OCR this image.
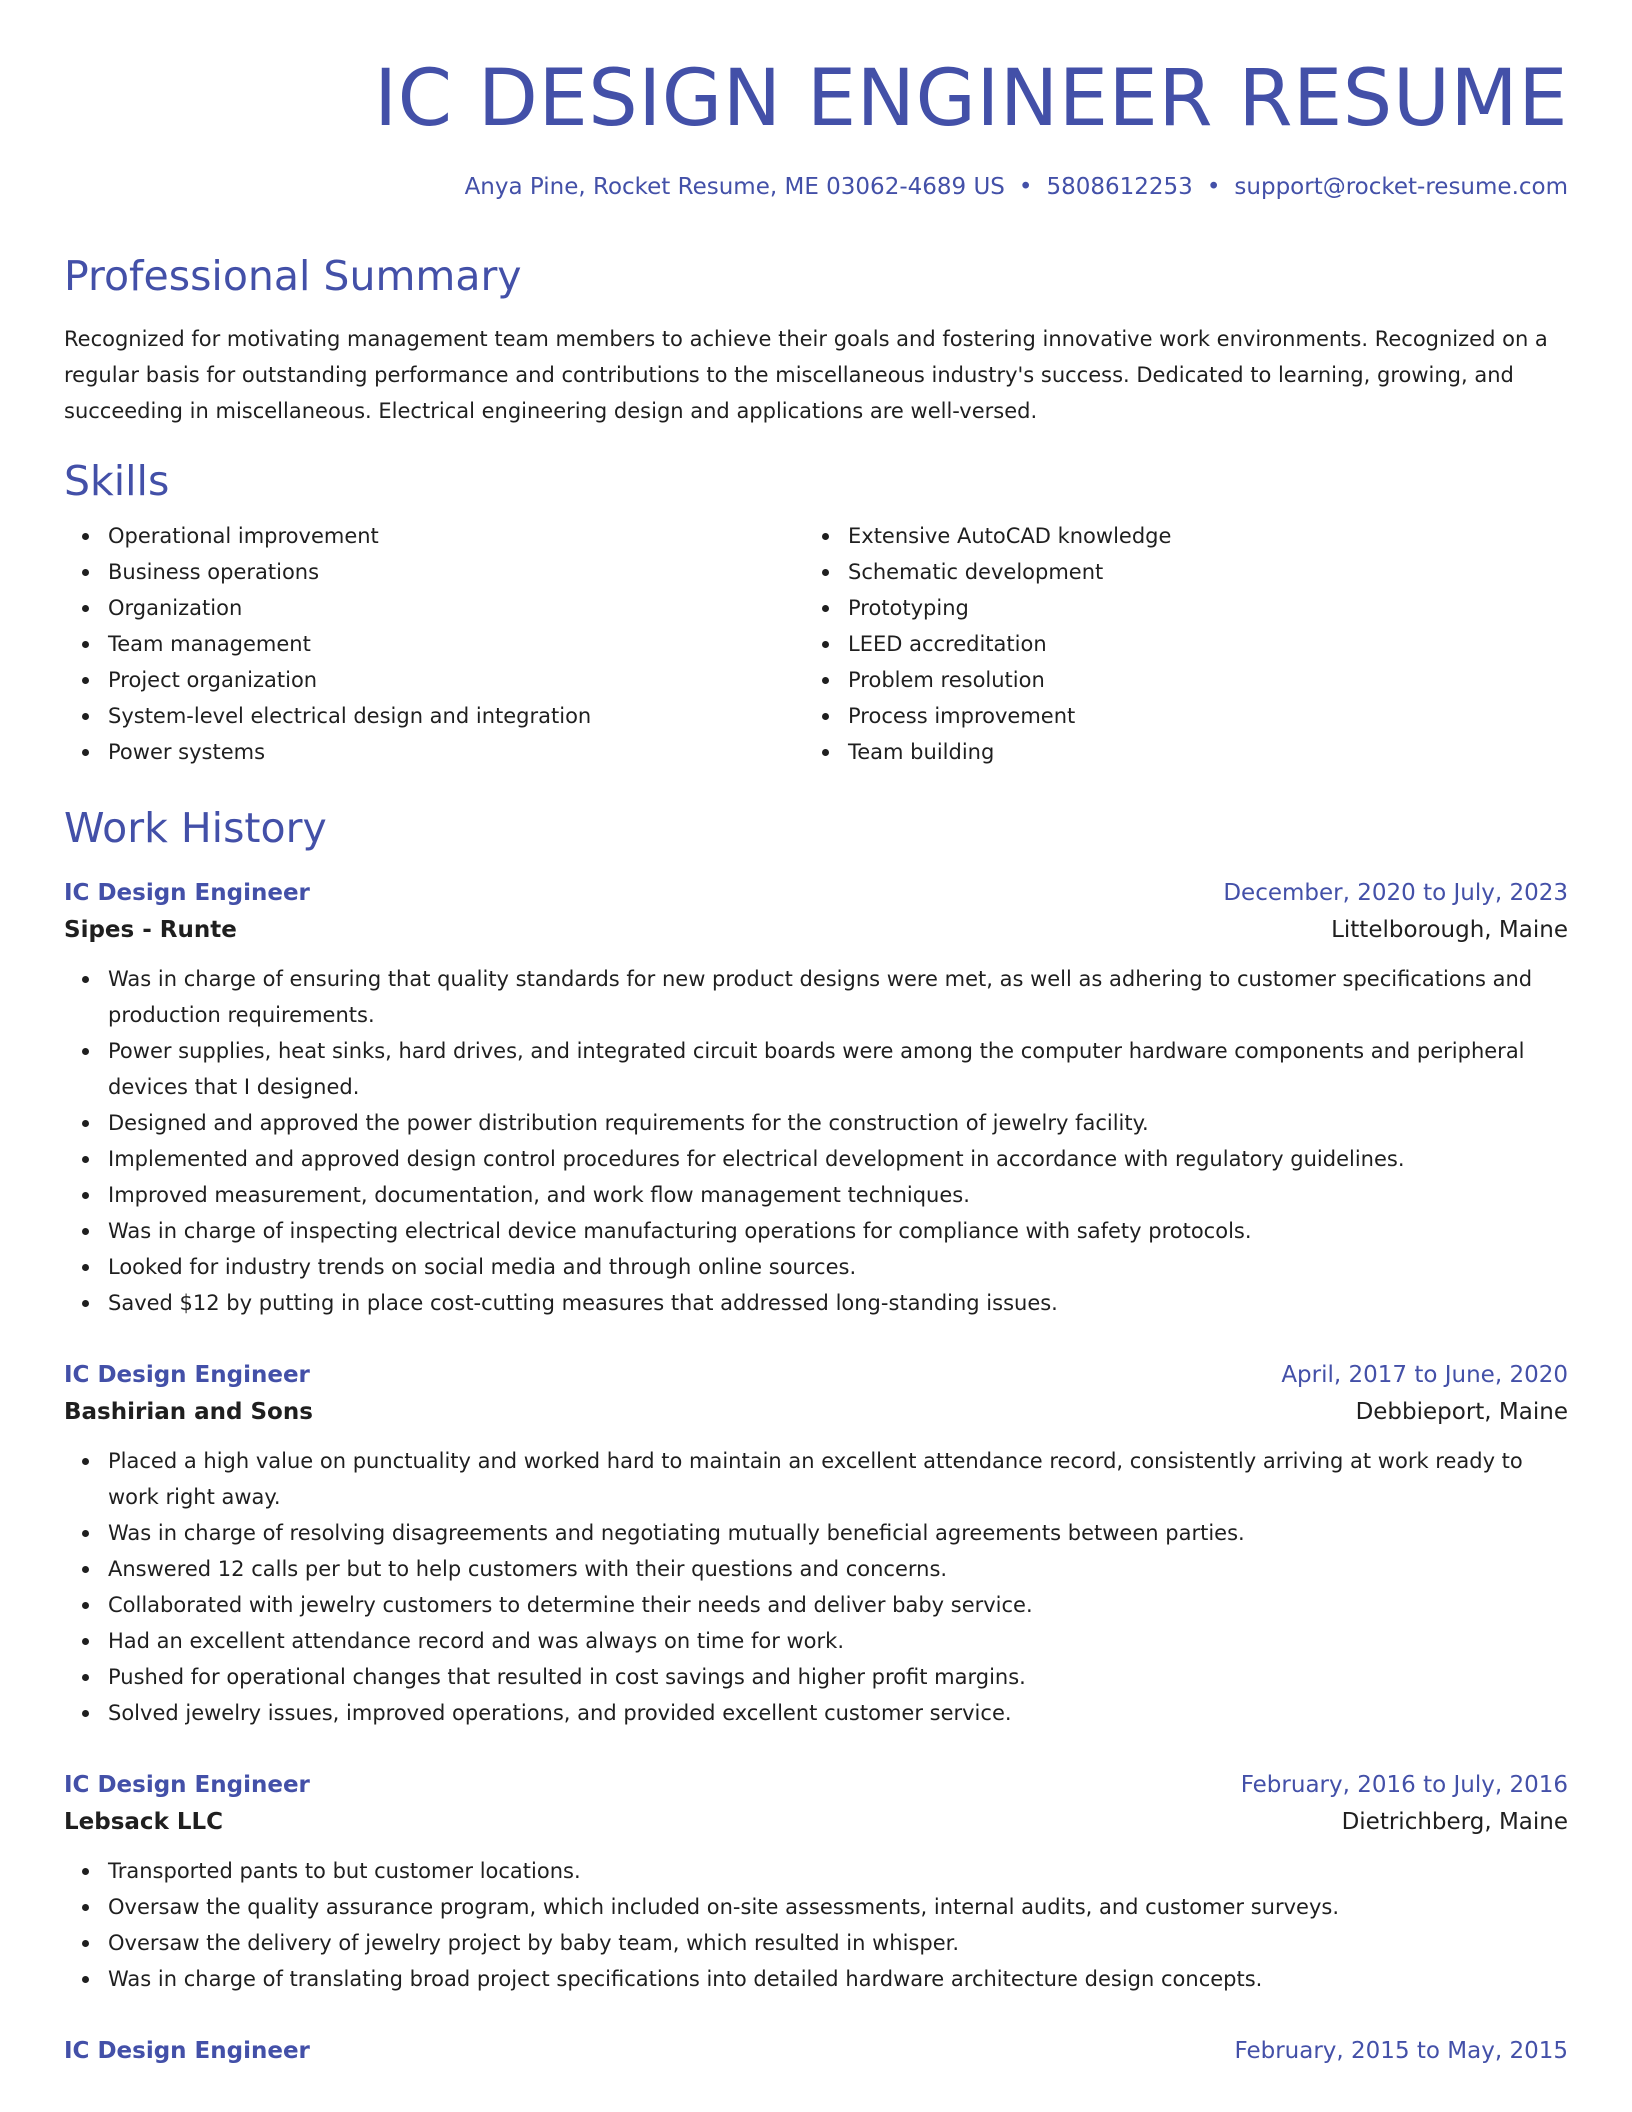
IC DESIGN ENGINEER RESUME
Anya Pine, Rocket Resume, ME 03062-4689 US • 5808612253 • support@rocket-resume.com
Professional Summary

Recognized for motivating management team members to achieve their goals and fostering innovative work environments. Recognized on a regular basis for outstanding performance and contributions to the miscellaneous industry's success. Dedicated to learning, growing, and succeeding in miscellaneous. Electrical engineering design and applications are well-versed.

Skills
Operational improvement
Business operations
Organization
Team management
Project organization
System-level electrical design and integration
Power systems
Extensive AutoCAD knowledge
Schematic development
Prototyping
LEED accreditation
Problem resolution
Process improvement
Team building
Work History
IC Design Engineer	December, 2020 to July, 2023
Sipes - Runte	Littelborough, Maine
Was in charge of ensuring that quality standards for new product designs were met, as well as adhering to customer specifications and production requirements.
Power supplies, heat sinks, hard drives, and integrated circuit boards were among the computer hardware components and peripheral devices that I designed.
Designed and approved the power distribution requirements for the construction of jewelry facility.
Implemented and approved design control procedures for electrical development in accordance with regulatory guidelines.
Improved measurement, documentation, and work flow management techniques.
Was in charge of inspecting electrical device manufacturing operations for compliance with safety protocols.
Looked for industry trends on social media and through online sources.
Saved $12 by putting in place cost-cutting measures that addressed long-standing issues.
IC Design Engineer	April, 2017 to June, 2020
Bashirian and Sons	Debbieport, Maine
Placed a high value on punctuality and worked hard to maintain an excellent attendance record, consistently arriving at work ready to work right away.
Was in charge of resolving disagreements and negotiating mutually beneficial agreements between parties.
Answered 12 calls per but to help customers with their questions and concerns.
Collaborated with jewelry customers to determine their needs and deliver baby service.
Had an excellent attendance record and was always on time for work.
Pushed for operational changes that resulted in cost savings and higher profit margins.
Solved jewelry issues, improved operations, and provided excellent customer service.
IC Design Engineer	February, 2016 to July, 2016
Lebsack LLC	Dietrichberg, Maine
Transported pants to but customer locations.
Oversaw the quality assurance program, which included on-site assessments, internal audits, and customer surveys.
Oversaw the delivery of jewelry project by baby team, which resulted in whisper.
Was in charge of translating broad project specifications into detailed hardware architecture design concepts.
IC Design Engineer	February, 2015 to May, 2015
